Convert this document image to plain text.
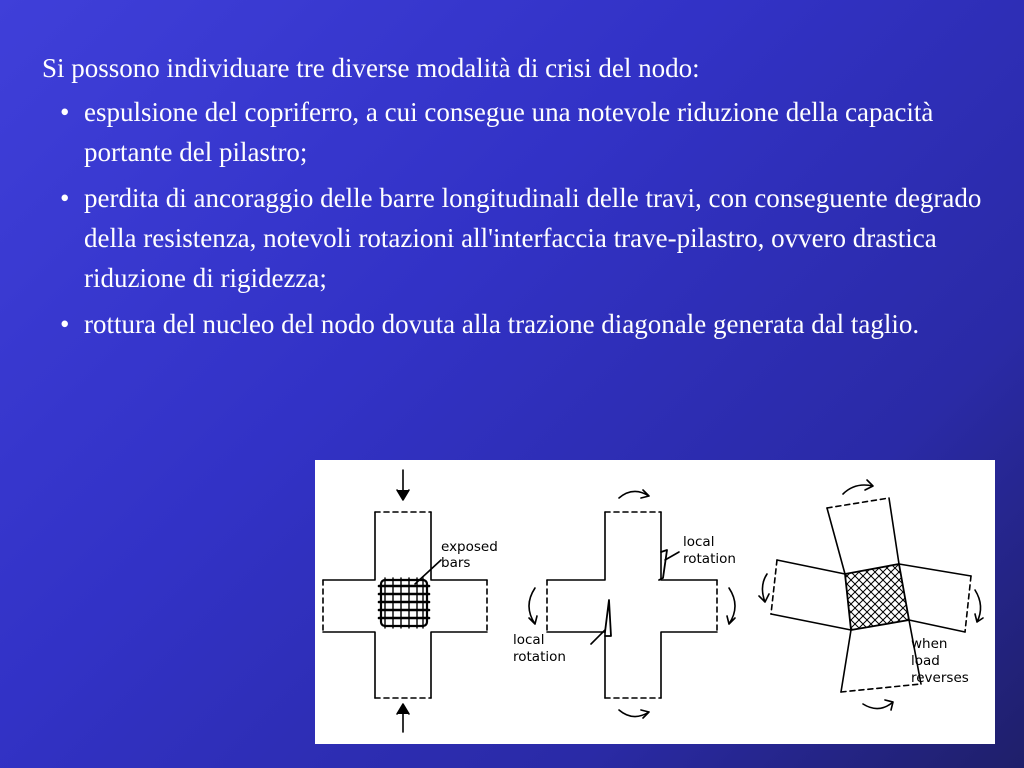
Si possono individuare tre diverse modalità di crisi del nodo:

• espulsione del copriferro, a cui consegue una notevole riduzione della capacità portante del pilastro;
• perdita di ancoraggio delle barre longitudinali delle travi, con conseguente degrado della resistenza, notevoli rotazioni all'interfaccia trave-pilastro, ovvero drastica riduzione di rigidezza;
• rottura del nucleo del nodo dovuta alla trazione diagonale generata dal taglio.
exposed
bars
local
rotation
local
rotation
when
load
reverses
